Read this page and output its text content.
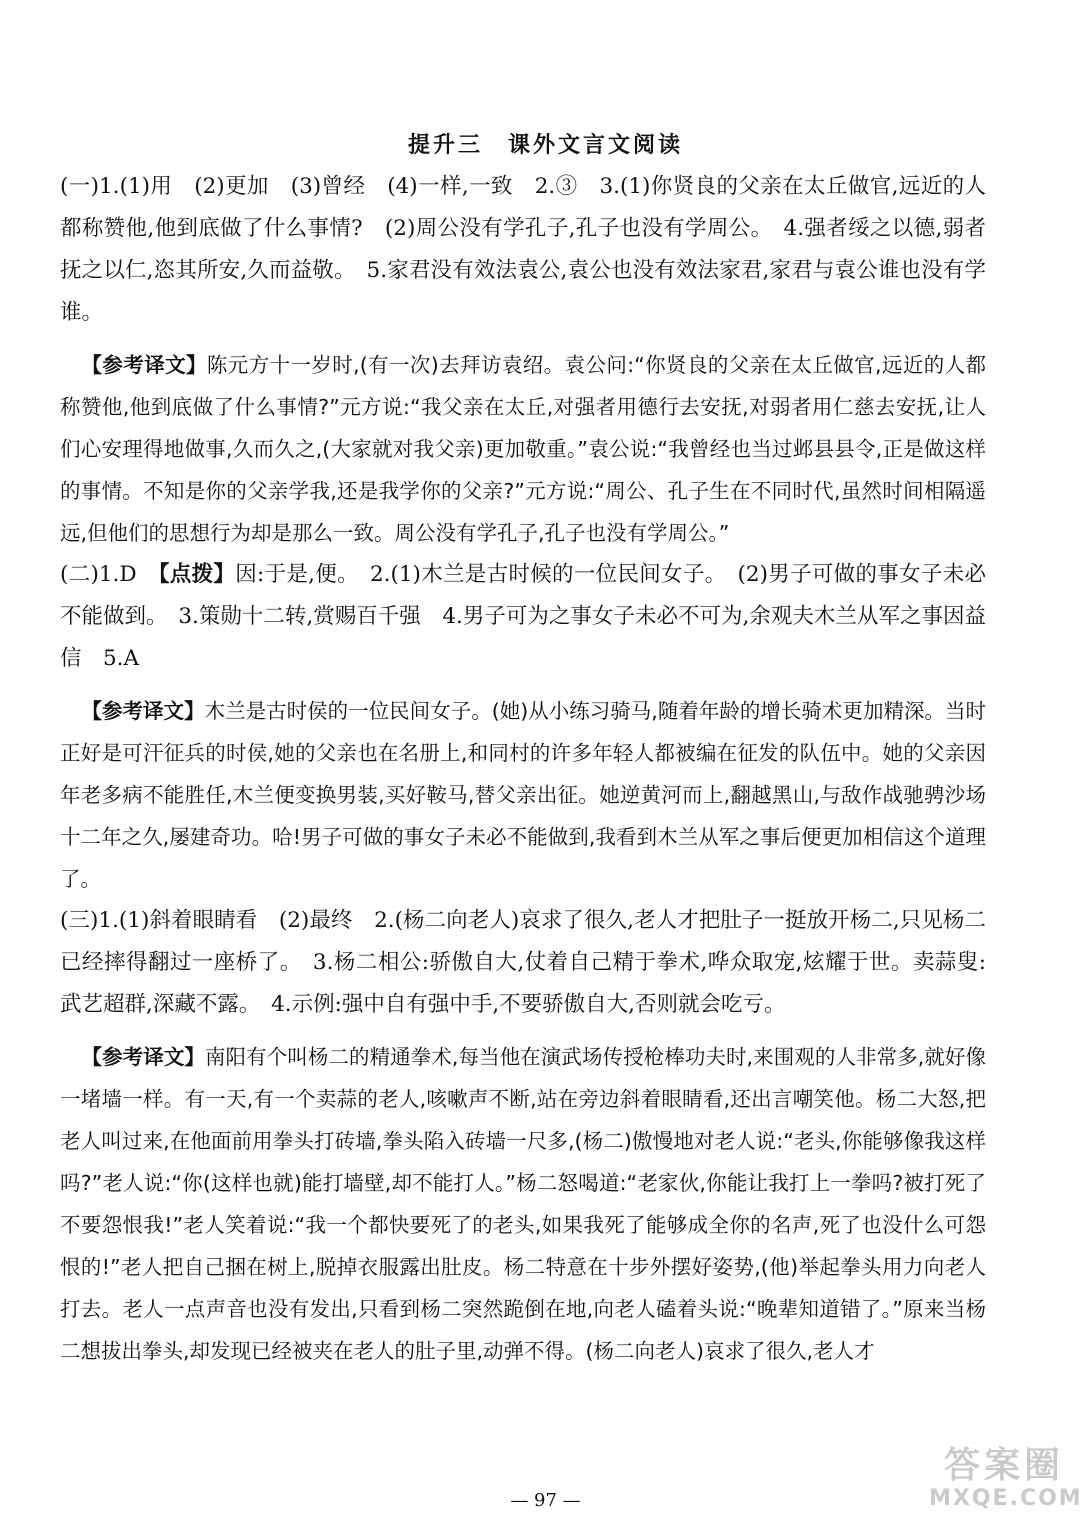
提升三　课外文言文阅读

(一)1.(1)用　(2)更加　(3)曾经　(4)一样,一致　2.③　3.(1)你贤良的父亲在太丘做官,远近的人都称赞他,他到底做了什么事情?　(2)周公没有学孔子,孔子也没有学周公。　4.强者绥之以德,弱者抚之以仁,恣其所安,久而益敬。　5.家君没有效法袁公,袁公也没有效法家君,家君与袁公谁也没有学谁。

【参考译文】陈元方十一岁时,(有一次)去拜访袁绍。袁公问:“你贤良的父亲在太丘做官,远近的人都称赞他,他到底做了什么事情?”元方说:“我父亲在太丘,对强者用德行去安抚,对弱者用仁慈去安抚,让人们心安理得地做事,久而久之,(大家就对我父亲)更加敬重。”袁公说:“我曾经也当过邺县县令,正是做这样的事情。不知是你的父亲学我,还是我学你的父亲?”元方说:“周公、孔子生在不同时代,虽然时间相隔遥远,但他们的思想行为却是那么一致。周公没有学孔子,孔子也没有学周公。”

(二)1.D　【点拨】因:于是,便。　2.(1)木兰是古时候的一位民间女子。　(2)男子可做的事女子未必不能做到。　3.策勋十二转,赏赐百千强　4.男子可为之事女子未必不可为,余观夫木兰从军之事因益信　5.A

【参考译文】木兰是古时侯的一位民间女子。(她)从小练习骑马,随着年龄的增长骑术更加精深。当时正好是可汗征兵的时侯,她的父亲也在名册上,和同村的许多年轻人都被编在征发的队伍中。她的父亲因年老多病不能胜任,木兰便变换男装,买好鞍马,替父亲出征。她逆黄河而上,翻越黑山,与敌作战驰骋沙场十二年之久,屡建奇功。哈!男子可做的事女子未必不能做到,我看到木兰从军之事后便更加相信这个道理了。

(三)1.(1)斜着眼睛看　(2)最终　2.(杨二向老人)哀求了很久,老人才把肚子一挺放开杨二,只见杨二已经摔得翻过一座桥了。　3.杨二相公:骄傲自大,仗着自己精于拳术,哗众取宠,炫耀于世。卖蒜叟:武艺超群,深藏不露。　4.示例:强中自有强中手,不要骄傲自大,否则就会吃亏。

【参考译文】南阳有个叫杨二的精通拳术,每当他在演武场传授枪棒功夫时,来围观的人非常多,就好像一堵墙一样。有一天,有一个卖蒜的老人,咳嗽声不断,站在旁边斜着眼睛看,还出言嘲笑他。杨二大怒,把老人叫过来,在他面前用拳头打砖墙,拳头陷入砖墙一尺多,(杨二)傲慢地对老人说:“老头,你能够像我这样吗?”老人说:“你(这样也就)能打墙壁,却不能打人。”杨二怒喝道:“老家伙,你能让我打上一拳吗?被打死了不要怨恨我!”老人笑着说:“我一个都快要死了的老头,如果我死了能够成全你的名声,死了也没什么可怨恨的!”老人把自己捆在树上,脱掉衣服露出肚皮。杨二特意在十步外摆好姿势,(他)举起拳头用力向老人打去。老人一点声音也没有发出,只看到杨二突然跪倒在地,向老人磕着头说:“晚辈知道错了。”原来当杨二想拔出拳头,却发现已经被夹在老人的肚子里,动弹不得。(杨二向老人)哀求了很久,老人才

— 97 —
答案圈
MXQE.COM
